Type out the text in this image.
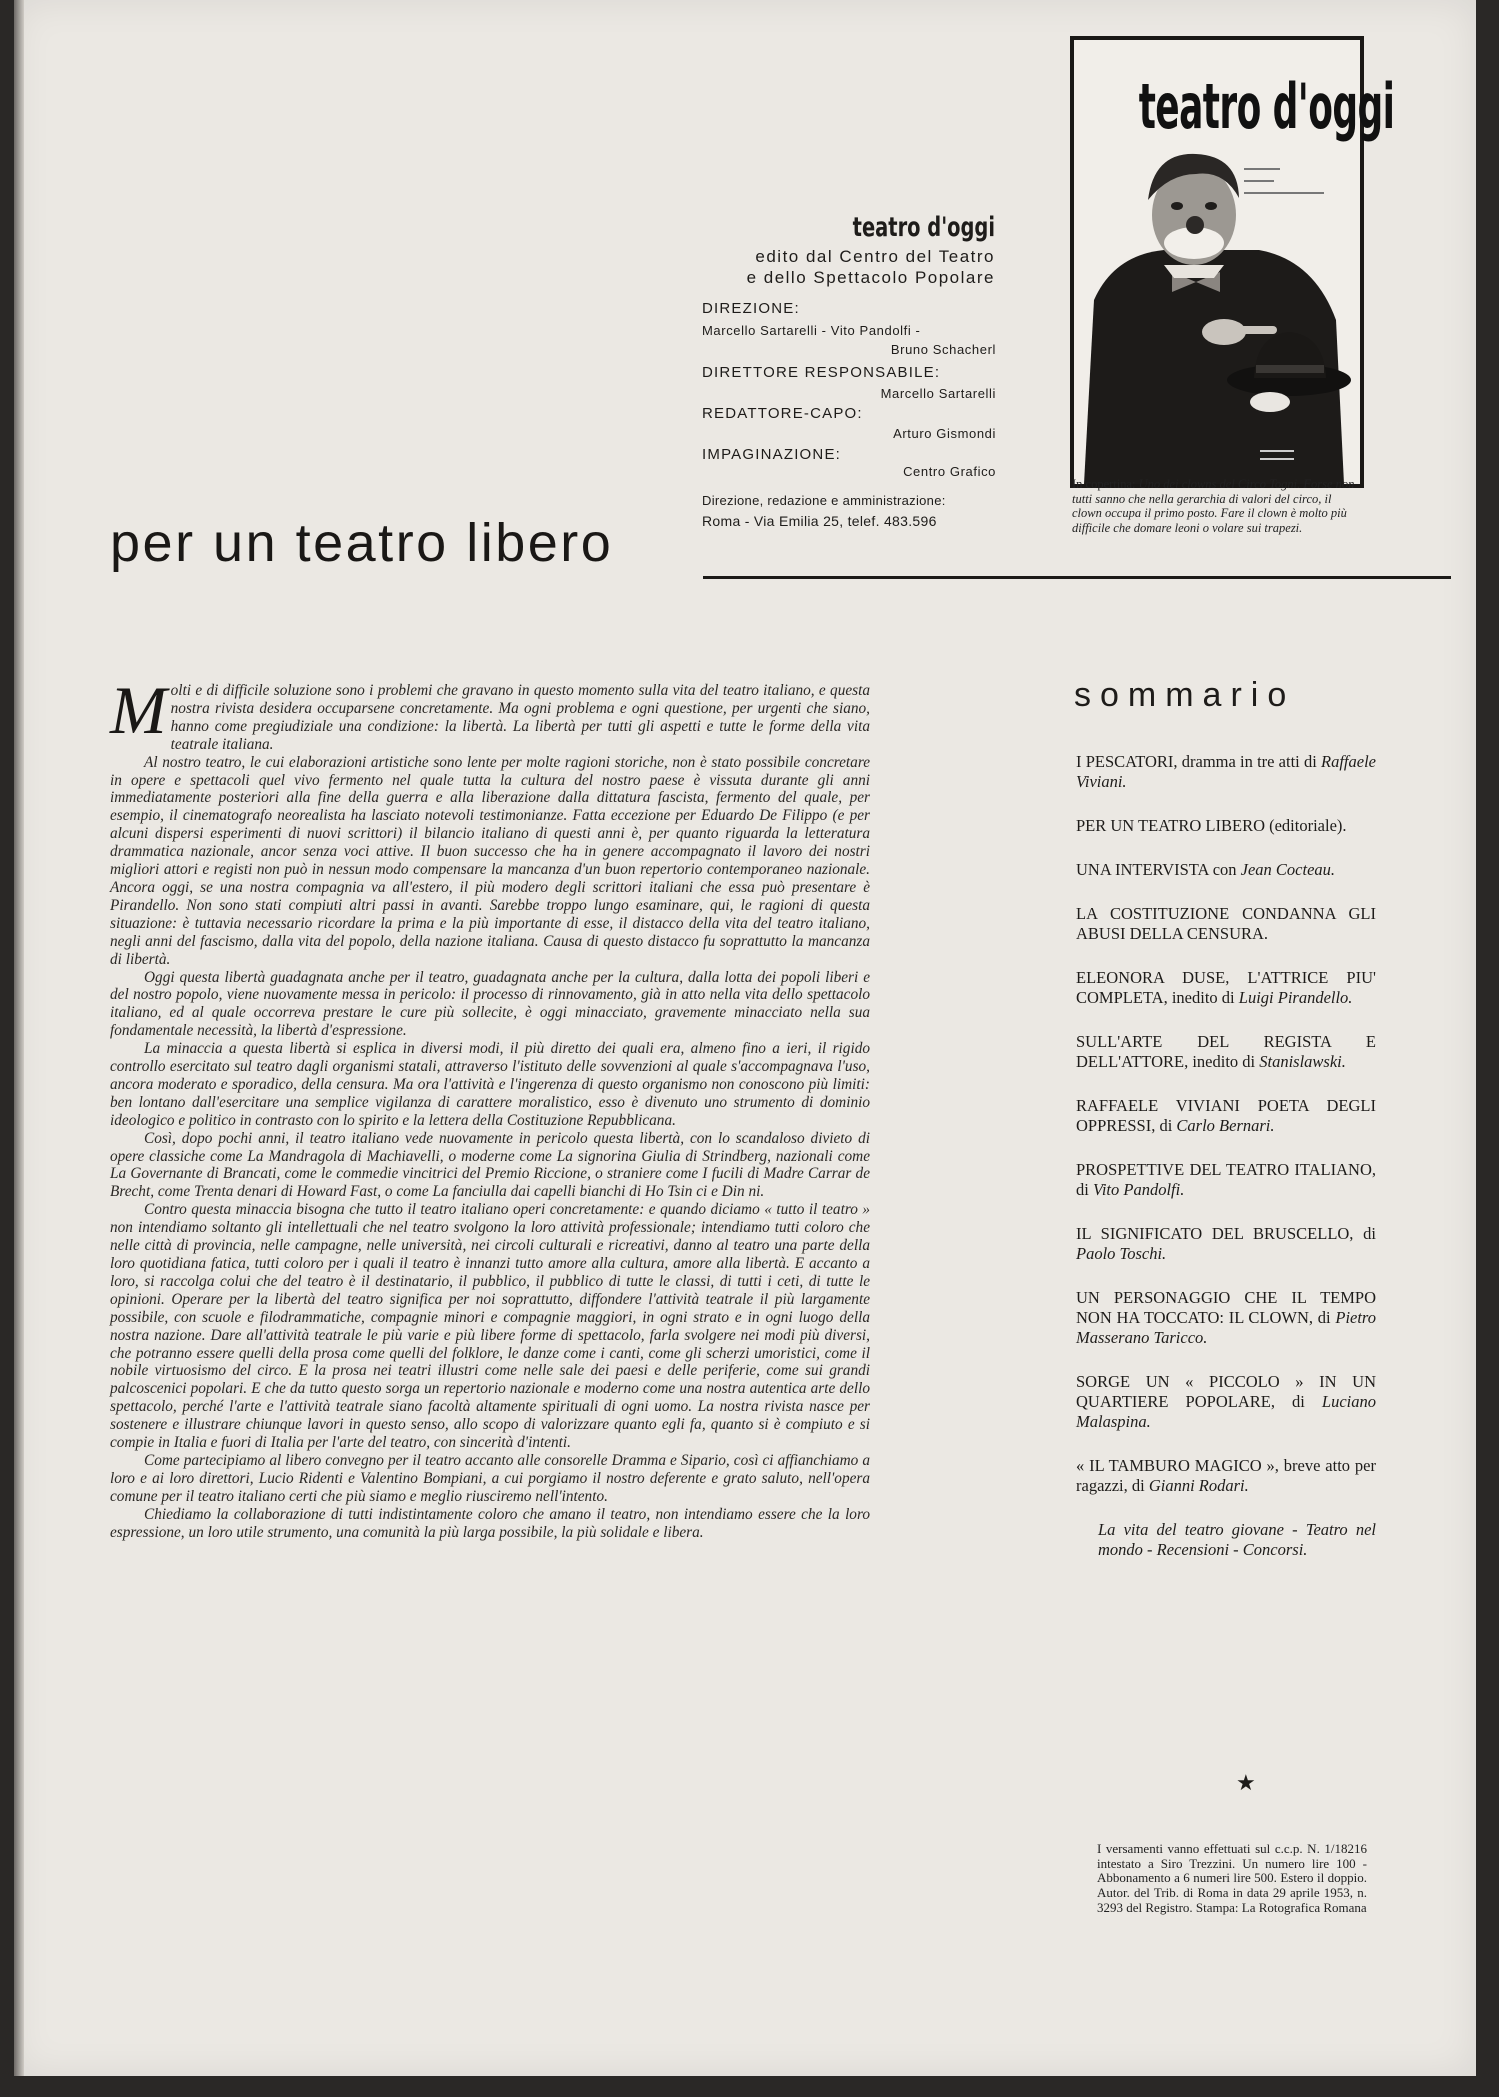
teatro d'oggi
edito dal Centro del Teatro
e dello Spettacolo Popolare
DIREZIONE:
Marcello Sartarelli - Vito Pandolfi -
Bruno Schacherl
DIRETTORE RESPONSABILE:
Marcello Sartarelli
REDATTORE-CAPO:
Arturo Gismondi
IMPAGINAZIONE:
Centro Grafico
Direzione, redazione e amministrazione:
Roma - Via Emilia 25, telef. 483.596
teatro d'oggi
In copertina: Uno dei clowns del Circo Togni. Forse non tutti sanno che nella gerarchia di valori del circo, il clown occupa il primo posto. Fare il clown è molto più difficile che domare leoni o volare sui trapezi.
per un teatro libero

Molti e di difficile soluzione sono i problemi che gravano in questo momento sulla vita del teatro italiano, e questa nostra rivista desidera occuparsene concretamente. Ma ogni problema e ogni questione, per urgenti che siano, hanno come pregiudiziale una condizione: la libertà. La libertà per tutti gli aspetti e tutte le forme della vita teatrale italiana.

Al nostro teatro, le cui elaborazioni artistiche sono lente per molte ragioni storiche, non è stato possibile concretare in opere e spettacoli quel vivo fermento nel quale tutta la cultura del nostro paese è vissuta durante gli anni immediatamente posteriori alla fine della guerra e alla liberazione dalla dittatura fascista, fermento del quale, per esempio, il cinematografo neorealista ha lasciato notevoli testimonianze. Fatta eccezione per Eduardo De Filippo (e per alcuni dispersi esperimenti di nuovi scrittori) il bilancio italiano di questi anni è, per quanto riguarda la letteratura drammatica nazionale, ancor senza voci attive. Il buon successo che ha in genere accompagnato il lavoro dei nostri migliori attori e registi non può in nessun modo compensare la mancanza d'un buon repertorio contemporaneo nazionale. Ancora oggi, se una nostra compagnia va all'estero, il più modero degli scrittori italiani che essa può presentare è Pirandello. Non sono stati compiuti altri passi in avanti. Sarebbe troppo lungo esaminare, qui, le ragioni di questa situazione: è tuttavia necessario ricordare la prima e la più importante di esse, il distacco della vita del teatro italiano, negli anni del fascismo, dalla vita del popolo, della nazione italiana. Causa di questo distacco fu soprattutto la mancanza di libertà.

Oggi questa libertà guadagnata anche per il teatro, guadagnata anche per la cultura, dalla lotta dei popoli liberi e del nostro popolo, viene nuovamente messa in pericolo: il processo di rinnovamento, già in atto nella vita dello spettacolo italiano, ed al quale occorreva prestare le cure più sollecite, è oggi minacciato, gravemente minacciato nella sua fondamentale necessità, la libertà d'espressione.

La minaccia a questa libertà si esplica in diversi modi, il più diretto dei quali era, almeno fino a ieri, il rigido controllo esercitato sul teatro dagli organismi statali, attraverso l'istituto delle sovvenzioni al quale s'accompagnava l'uso, ancora moderato e sporadico, della censura. Ma ora l'attività e l'ingerenza di questo organismo non conoscono più limiti: ben lontano dall'esercitare una semplice vigilanza di carattere moralistico, esso è divenuto uno strumento di dominio ideologico e politico in contrasto con lo spirito e la lettera della Costituzione Repubblicana.

Così, dopo pochi anni, il teatro italiano vede nuovamente in pericolo questa libertà, con lo scandaloso divieto di opere classiche come La Mandragola di Machiavelli, o moderne come La signorina Giulia di Strindberg, nazionali come La Governante di Brancati, come le commedie vincitrici del Premio Riccione, o straniere come I fucili di Madre Carrar de Brecht, come Trenta denari di Howard Fast, o come La fanciulla dai capelli bianchi di Ho Tsin ci e Din ni.

Contro questa minaccia bisogna che tutto il teatro italiano operi concretamente: e quando diciamo « tutto il teatro » non intendiamo soltanto gli intellettuali che nel teatro svolgono la loro attività professionale; intendiamo tutti coloro che nelle città di provincia, nelle campagne, nelle università, nei circoli culturali e ricreativi, danno al teatro una parte della loro quotidiana fatica, tutti coloro per i quali il teatro è innanzi tutto amore alla cultura, amore alla libertà. E accanto a loro, si raccolga colui che del teatro è il destinatario, il pubblico, il pubblico di tutte le classi, di tutti i ceti, di tutte le opinioni. Operare per la libertà del teatro significa per noi soprattutto, diffondere l'attività teatrale il più largamente possibile, con scuole e filodrammatiche, compagnie minori e compagnie maggiori, in ogni strato e in ogni luogo della nostra nazione. Dare all'attività teatrale le più varie e più libere forme di spettacolo, farla svolgere nei modi più diversi, che potranno essere quelli della prosa come quelli del folklore, le danze come i canti, come gli scherzi umoristici, come il nobile virtuosismo del circo. E la prosa nei teatri illustri come nelle sale dei paesi e delle periferie, come sui grandi palcoscenici popolari. E che da tutto questo sorga un repertorio nazionale e moderno come una nostra autentica arte dello spettacolo, perché l'arte e l'attività teatrale siano facoltà altamente spirituali di ogni uomo. La nostra rivista nasce per sostenere e illustrare chiunque lavori in questo senso, allo scopo di valorizzare quanto egli fa, quanto si è compiuto e si compie in Italia e fuori di Italia per l'arte del teatro, con sincerità d'intenti.

Come partecipiamo al libero convegno per il teatro accanto alle consorelle Dramma e Sipario, così ci affianchiamo a loro e ai loro direttori, Lucio Ridenti e Valentino Bompiani, a cui porgiamo il nostro deferente e grato saluto, nell'opera comune per il teatro italiano certi che più siamo e meglio riusciremo nell'intento.

Chiediamo la collaborazione di tutti indistintamente coloro che amano il teatro, non intendiamo essere che la loro espressione, un loro utile strumento, una comunità la più larga possibile, la più solidale e libera.

sommario
I PESCATORI, dramma in tre atti di Raffaele Viviani.
PER UN TEATRO LIBERO (editoriale).
UNA INTERVISTA con Jean Cocteau.
LA COSTITUZIONE CONDANNA GLI ABUSI DELLA CENSURA.
ELEONORA DUSE, L'ATTRICE PIU' COMPLETA, inedito di Luigi Pirandello.
SULL'ARTE DEL REGISTA E DELL'ATTORE, inedito di Stanislawski.
RAFFAELE VIVIANI POETA DEGLI OPPRESSI, di Carlo Bernari.
PROSPETTIVE DEL TEATRO ITALIANO, di Vito Pandolfi.
IL SIGNIFICATO DEL BRUSCELLO, di Paolo Toschi.
UN PERSONAGGIO CHE IL TEMPO NON HA TOCCATO: IL CLOWN, di Pietro Masserano Taricco.
SORGE UN « PICCOLO » IN UN QUARTIERE POPOLARE, di Luciano Malaspina.
« IL TAMBURO MAGICO », breve atto per ragazzi, di Gianni Rodari.
La vita del teatro giovane - Teatro nel mondo - Recensioni - Concorsi.
★
I versamenti vanno effettuati sul c.c.p. N. 1/18216 intestato a Siro Trezzini. Un numero lire 100 - Abbonamento a 6 numeri lire 500. Estero il doppio. Autor. del Trib. di Roma in data 29 aprile 1953, n. 3293 del Registro. Stampa: La Rotografica Romana
